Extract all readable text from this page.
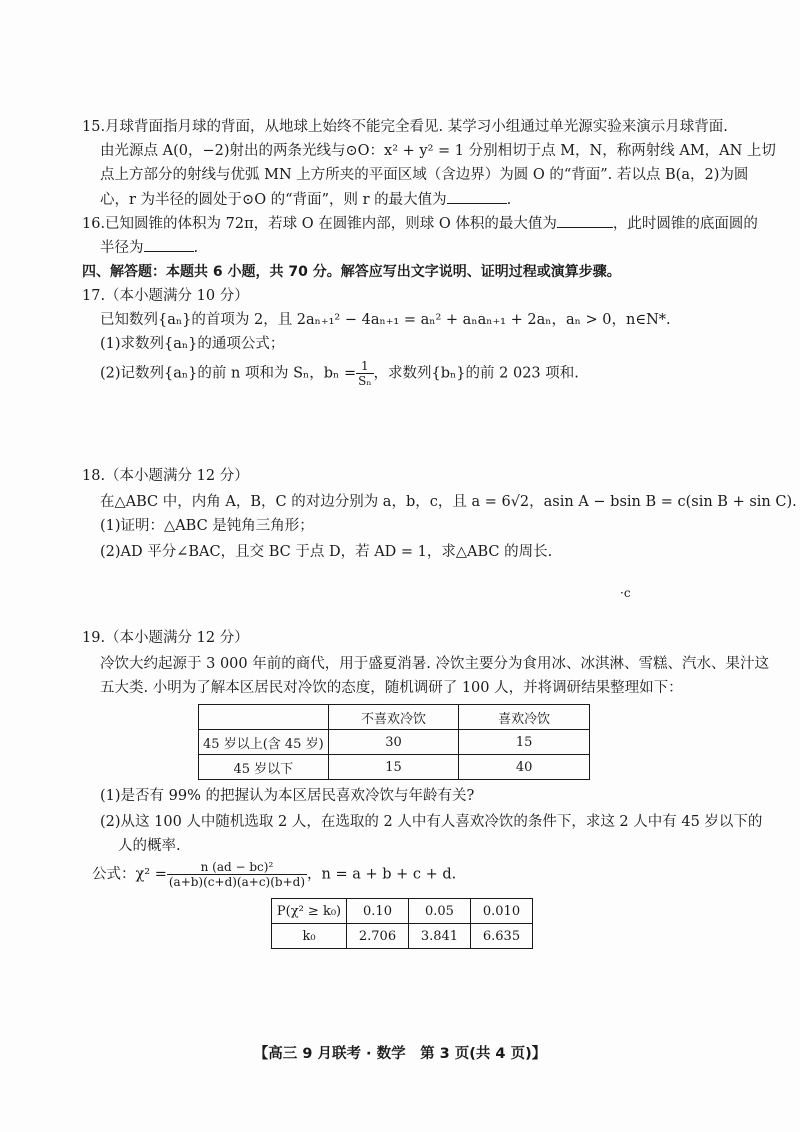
15.月球背面指月球的背面，从地球上始终不能完全看见. 某学习小组通过单光源实验来演示月球背面.
由光源点 A(0，−2)射出的两条光线与⊙O：x² + y² = 1 分别相切于点 M，N，称两射线 AM，AN 上切
点上方部分的射线与优弧 MN 上方所夹的平面区域（含边界）为圆 O 的“背面”. 若以点 B(a，2)为圆
心，r 为半径的圆处于⊙O 的“背面”，则 r 的最大值为	.
16.已知圆锥的体积为 72π，若球 O 在圆锥内部，则球 O 体积的最大值为	，此时圆锥的底面圆的
半径为	.
四、解答题：本题共 6 小题，共 70 分。解答应写出文字说明、证明过程或演算步骤。
17.（本小题满分 10 分）
已知数列{aₙ}的首项为 2，且 2aₙ₊₁² − 4aₙ₊₁ = aₙ² + aₙaₙ₊₁ + 2aₙ，aₙ > 0，n∈N*.
(1)求数列{aₙ}的通项公式；
(2)记数列{aₙ}的前 n 项和为 Sₙ，$b_n = \frac{1}{\text{Sₙ}}$ ，求数列{bₙ}的前 2 023 项和.
18.（本小题满分 12 分）
在△ABC 中，内角 A，B，C 的对边分别为 a，b，c，且 a = 6√2，asin A − bsin B = c(sin B + sin C).
(1)证明：△ABC 是钝角三角形；
(2)AD 平分∠BAC，且交 BC 于点 D，若 AD = 1，求△ABC 的周长.
·c
19.（本小题满分 12 分）
冷饮大约起源于 3 000 年前的商代，用于盛夏消暑. 冷饮主要分为食用冰、冰淇淋、雪糕、汽水、果汁这
五大类. 小明为了解本区居民对冷饮的态度，随机调研了 100 人，并将调研结果整理如下：
	不喜欢冷饮	喜欢冷饮
45 岁以上(含 45 岁)	30	15
45 岁以下	15	40
(1)是否有 99% 的把握认为本区居民喜欢冷饮与年龄有关?
(2)从这 100 人中随机选取 2 人，在选取的 2 人中有人喜欢冷饮的条件下，求这 2 人中有 45 岁以下的
人的概率.
公式：$\chi^2 = \frac{\text{n (ad − bc)²}}{(a+b)(c+d)(a+c)(b+d)}$ ，n = a + b + c + d.
P(χ² ≥ k₀)	0.10	0.05	0.010
k₀	2.706	3.841	6.635
【高三 9 月联考 · 数学　第 3 页(共 4 页)】
